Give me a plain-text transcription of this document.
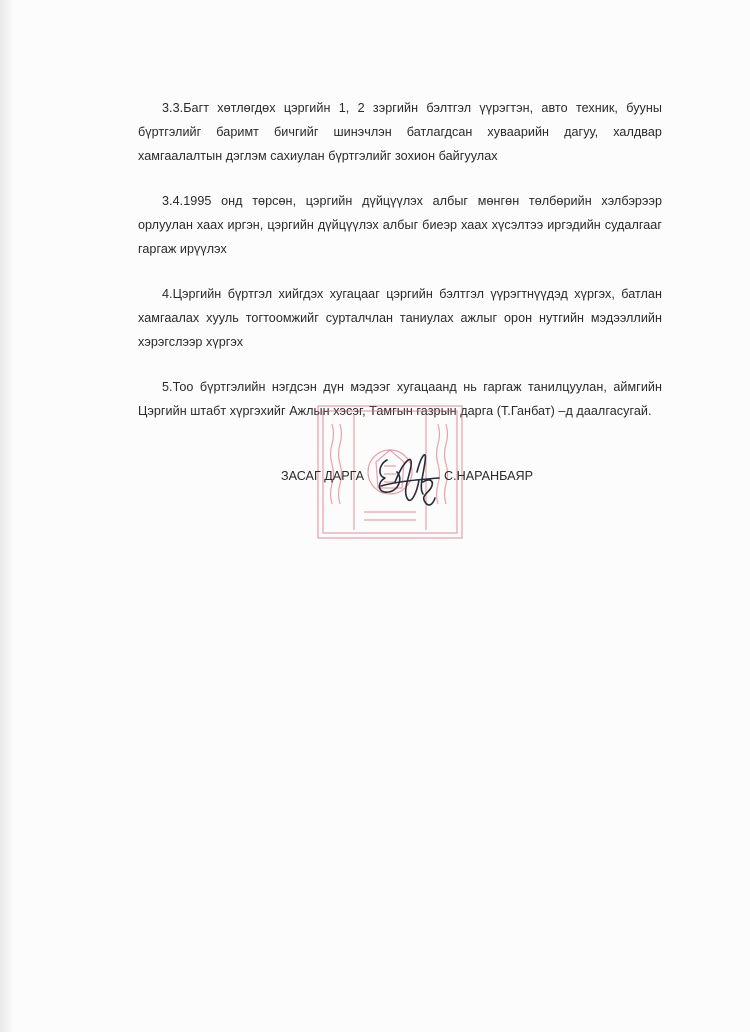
3.3.Багт хөтлөгдөх цэргийн 1, 2 зэргийн бэлтгэл үүрэгтэн, авто техник, бууны бүртгэлийг баримт бичгийг шинэчлэн батлагдсан хуваарийн дагуу, халдвар хамгаалалтын дэглэм сахиулан бүртгэлийг зохион байгуулах

3.4.1995 онд төрсөн, цэргийн дүйцүүлэх албыг мөнгөн төлбөрийн хэлбэрээр орлуулан хаах иргэн, цэргийн дүйцүүлэх албыг биеэр хаах хүсэлтээ иргэдийн судалгааг гаргаж ирүүлэх

4.Цэргийн бүртгэл хийгдэх хугацааг цэргийн бэлтгэл үүрэгтнүүдэд хүргэх, батлан хамгаалах хууль тогтоомжийг сурталчлан таниулах ажлыг орон нутгийн мэдээллийн хэрэгслээр хүргэх

5.Тоо бүртгэлийн нэгдсэн дүн мэдээг хугацаанд нь гаргаж танилцуулан, аймгийн Цэргийн штабт хүргэхийг Ажлын хэсэг, Тамгын газрын дарга (Т.Ганбат) –д даалгасугай.

ЗАСАГ ДАРГА	С.НАРАНБАЯР
